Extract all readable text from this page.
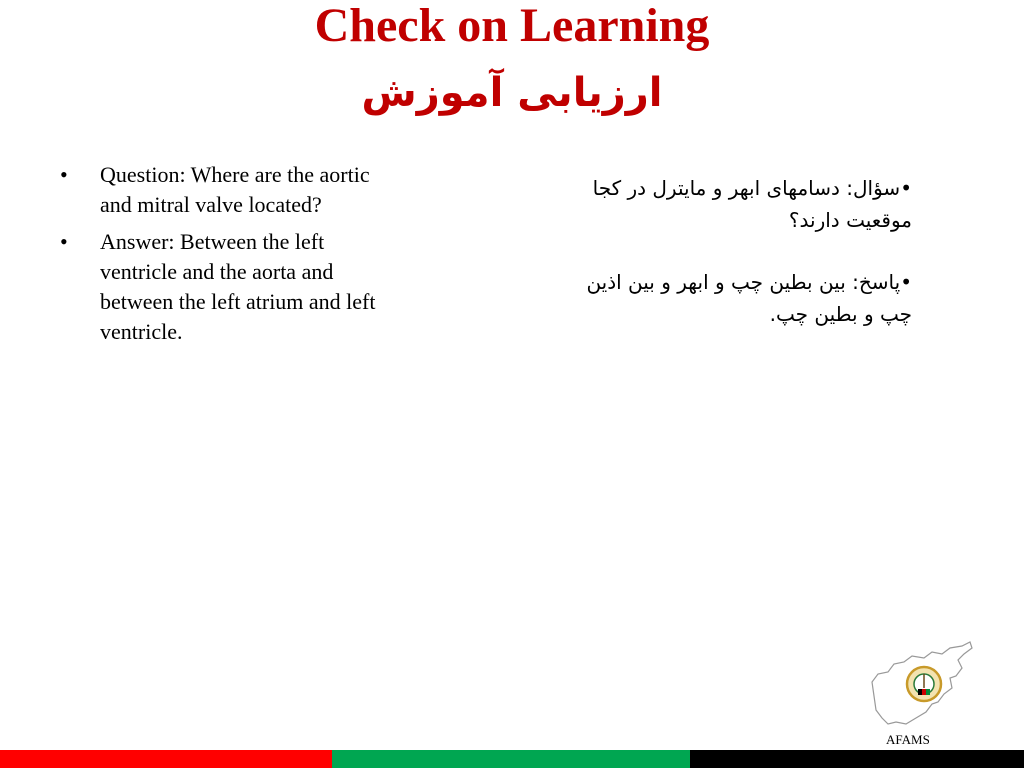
Check on Learning
ارزیابی آموزش
• Question: Where are the aortic and mitral valve located?
• Answer: Between the left ventricle and the aorta and between the left atrium and left ventricle.

•سؤال: دسامهای ابهر و مایترل در کجا موقعیت دارند؟

•پاسخ: بین بطین چپ و ابهر و بین اذین چپ و بطین چپ.

AFAMS
